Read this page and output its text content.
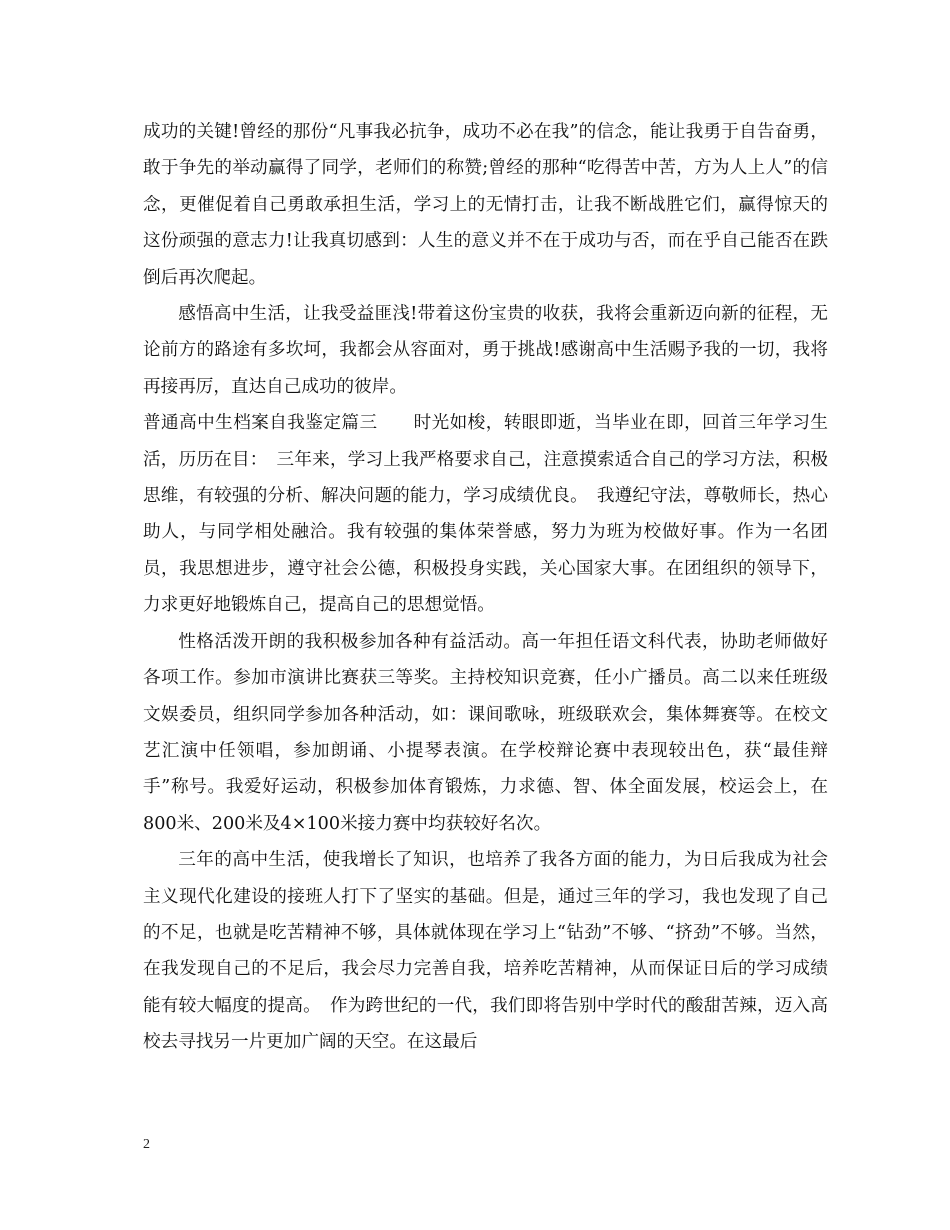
成功的关键!曾经的那份“凡事我必抗争，成功不必在我”的信念，能让我勇于自告奋勇，敢于争先的举动赢得了同学，老师们的称赞;曾经的那种“吃得苦中苦，方为人上人”的信念，更催促着自己勇敢承担生活，学习上的无情打击，让我不断战胜它们，赢得惊天的这份顽强的意志力!让我真切感到：人生的意义并不在于成功与否，而在乎自己能否在跌倒后再次爬起。

感悟高中生活，让我受益匪浅!带着这份宝贵的收获，我将会重新迈向新的征程，无论前方的路途有多坎坷，我都会从容面对，勇于挑战!感谢高中生活赐予我的一切，我将再接再厉，直达自己成功的彼岸。

普通高中生档案自我鉴定篇三　　时光如梭，转眼即逝，当毕业在即，回首三年学习生活，历历在目：　三年来，学习上我严格要求自己，注意摸索适合自己的学习方法，积极思维，有较强的分析、解决问题的能力，学习成绩优良。　我遵纪守法，尊敬师长，热心助人，与同学相处融洽。我有较强的集体荣誉感，努力为班为校做好事。作为一名团员，我思想进步，遵守社会公德，积极投身实践，关心国家大事。在团组织的领导下，力求更好地锻炼自己，提高自己的思想觉悟。

性格活泼开朗的我积极参加各种有益活动。高一年担任语文科代表，协助老师做好各项工作。参加市演讲比赛获三等奖。主持校知识竞赛，任小广播员。高二以来任班级文娱委员，组织同学参加各种活动，如：课间歌咏，班级联欢会，集体舞赛等。在校文艺汇演中任领唱，参加朗诵、小提琴表演。在学校辩论赛中表现较出色，获“最佳辩手”称号。我爱好运动，积极参加体育锻炼，力求德、智、体全面发展，校运会上，在800米、200米及4×100米接力赛中均获较好名次。

三年的高中生活，使我增长了知识，也培养了我各方面的能力，为日后我成为社会主义现代化建设的接班人打下了坚实的基础。但是，通过三年的学习，我也发现了自己的不足，也就是吃苦精神不够，具体就体现在学习上“钻劲”不够、“挤劲”不够。当然，在我发现自己的不足后，我会尽力完善自我，培养吃苦精神，从而保证日后的学习成绩能有较大幅度的提高。　作为跨世纪的一代，我们即将告别中学时代的酸甜苦辣，迈入高校去寻找另一片更加广阔的天空。在这最后

2
